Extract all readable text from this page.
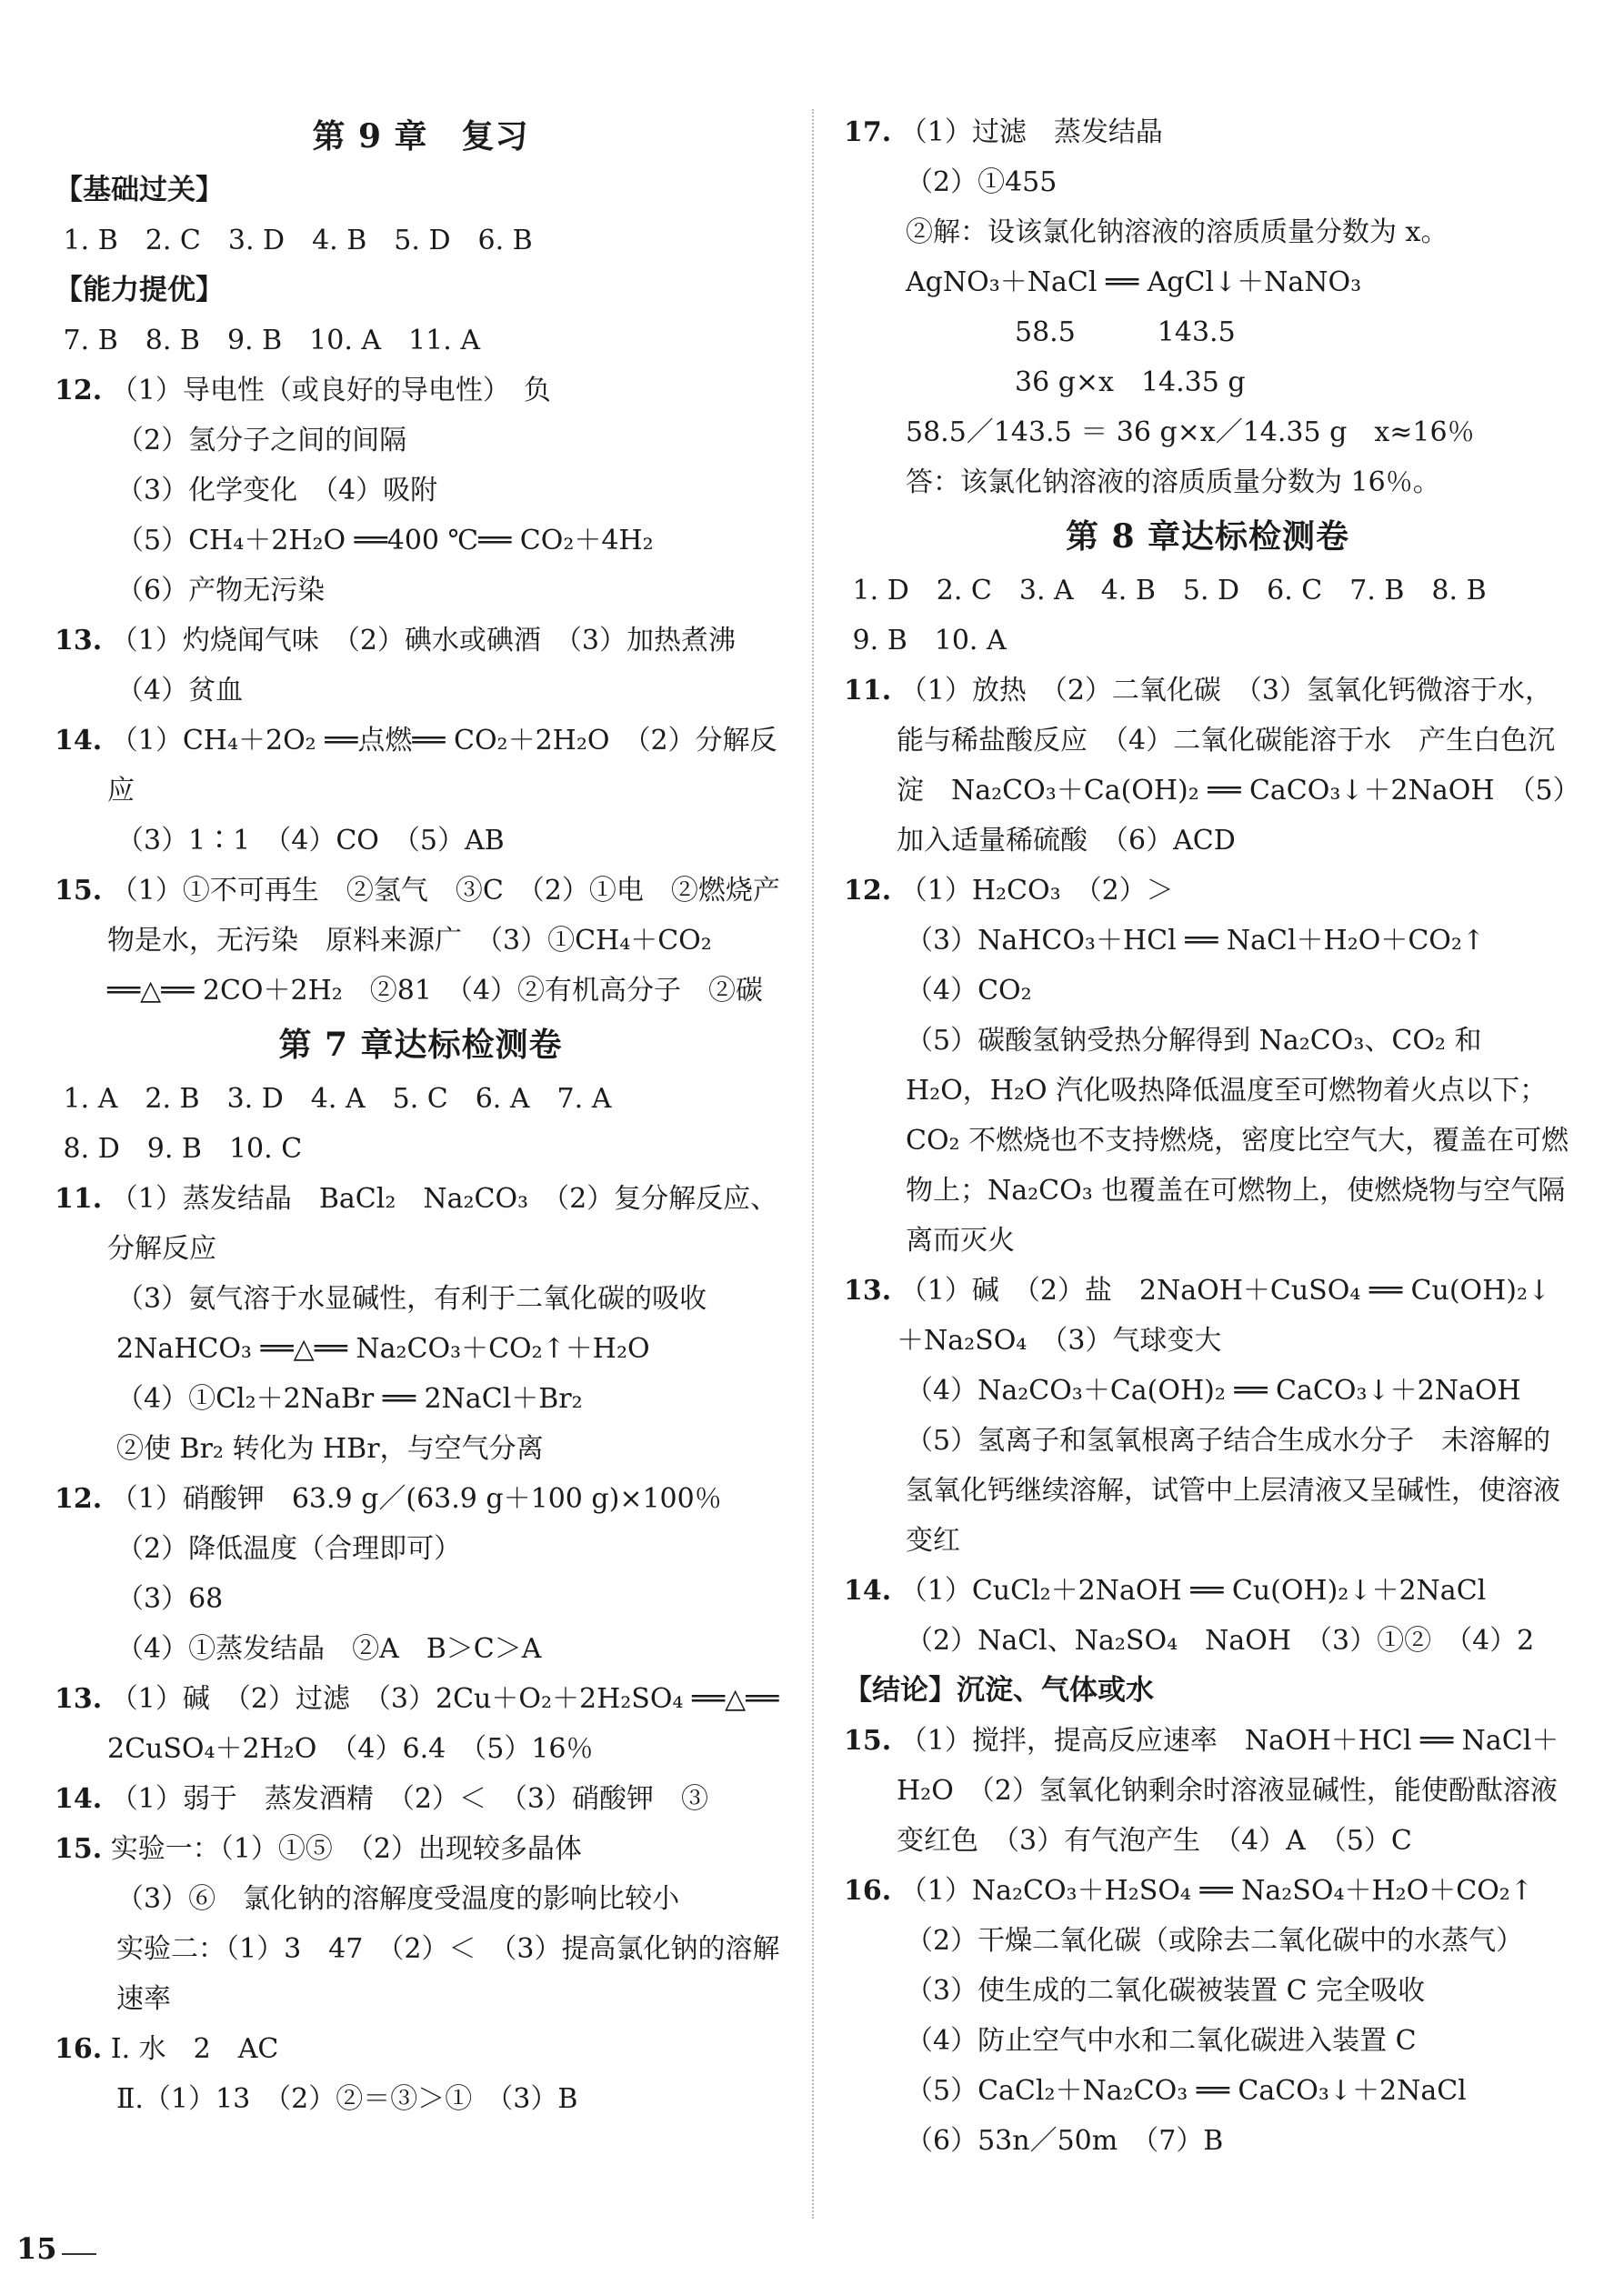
第 9 章　复习
【基础过关】
1. B　2. C　3. D　4. B　5. D　6. B
【能力提优】
7. B　8. B　9. B　10. A　11. A
12. （1）导电性（或良好的导电性）　负
（2）氢分子之间的间隔
（3）化学变化　（4）吸附
（5）CH₄＋2H₂O ══400 ℃══ CO₂＋4H₂
（6）产物无污染
13. （1）灼烧闻气味　（2）碘水或碘酒　（3）加热煮沸
（4）贫血
14. （1）CH₄＋2O₂ ══点燃══ CO₂＋2H₂O　（2）分解反应
（3）1∶1　（4）CO　（5）AB
15. （1）①不可再生　②氢气　③C　（2）①电　②燃烧产物是水，无污染　原料来源广　（3）①CH₄＋CO₂ ══△══ 2CO＋2H₂　②81　（4）②有机高分子　②碳
第 7 章达标检测卷
1. A　2. B　3. D　4. A　5. C　6. A　7. A
8. D　9. B　10. C
11. （1）蒸发结晶　BaCl₂　Na₂CO₃　（2）复分解反应、分解反应
（3）氨气溶于水显碱性，有利于二氧化碳的吸收
2NaHCO₃ ══△══ Na₂CO₃＋CO₂↑＋H₂O
（4）①Cl₂＋2NaBr ══ 2NaCl＋Br₂
②使 Br₂ 转化为 HBr，与空气分离
12. （1）硝酸钾　63.9 g／(63.9 g＋100 g)×100％
（2）降低温度（合理即可）
（3）68
（4）①蒸发结晶　②A　B＞C＞A
13. （1）碱　（2）过滤　（3）2Cu＋O₂＋2H₂SO₄ ══△══ 2CuSO₄＋2H₂O　（4）6.4　（5）16％
14. （1）弱于　蒸发酒精　（2）＜　（3）硝酸钾　③
15. 实验一：（1）①⑤　（2）出现较多晶体
（3）⑥　氯化钠的溶解度受温度的影响比较小
实验二：（1）3　47　（2）＜　（3）提高氯化钠的溶解速率
16. Ⅰ. 水　2　AC
Ⅱ.（1）13　（2）②＝③＞①　（3）B
17. （1）过滤　蒸发结晶
（2）①455
②解：设该氯化钠溶液的溶质质量分数为 x。
AgNO₃＋NaCl ══ AgCl↓＋NaNO₃
　　　　58.5　　　143.5
　　　　36 g×x　14.35 g
58.5／143.5 ＝ 36 g×x／14.35 g　x≈16％
答：该氯化钠溶液的溶质质量分数为 16％。
第 8 章达标检测卷
1. D　2. C　3. A　4. B　5. D　6. C　7. B　8. B
9. B　10. A
11. （1）放热　（2）二氧化碳　（3）氢氧化钙微溶于水，能与稀盐酸反应　（4）二氧化碳能溶于水　产生白色沉淀　Na₂CO₃＋Ca(OH)₂ ══ CaCO₃↓＋2NaOH　（5）加入适量稀硫酸　（6）ACD
12. （1）H₂CO₃　（2）＞
（3）NaHCO₃＋HCl ══ NaCl＋H₂O＋CO₂↑
（4）CO₂
（5）碳酸氢钠受热分解得到 Na₂CO₃、CO₂ 和 H₂O，H₂O 汽化吸热降低温度至可燃物着火点以下；CO₂ 不燃烧也不支持燃烧，密度比空气大，覆盖在可燃物上；Na₂CO₃ 也覆盖在可燃物上，使燃烧物与空气隔离而灭火
13. （1）碱　（2）盐　2NaOH＋CuSO₄ ══ Cu(OH)₂↓＋Na₂SO₄　（3）气球变大
（4）Na₂CO₃＋Ca(OH)₂ ══ CaCO₃↓＋2NaOH
（5）氢离子和氢氧根离子结合生成水分子　未溶解的氢氧化钙继续溶解，试管中上层清液又呈碱性，使溶液变红
14. （1）CuCl₂＋2NaOH ══ Cu(OH)₂↓＋2NaCl
（2）NaCl、Na₂SO₄　NaOH　（3）①②　（4）2
【结论】沉淀、气体或水
15. （1）搅拌，提高反应速率　NaOH＋HCl ══ NaCl＋H₂O　（2）氢氧化钠剩余时溶液显碱性，能使酚酞溶液变红色　（3）有气泡产生　（4）A　（5）C
16. （1）Na₂CO₃＋H₂SO₄ ══ Na₂SO₄＋H₂O＋CO₂↑
（2）干燥二氧化碳（或除去二氧化碳中的水蒸气）
（3）使生成的二氧化碳被装置 C 完全吸收
（4）防止空气中水和二氧化碳进入装置 C
（5）CaCl₂＋Na₂CO₃ ══ CaCO₃↓＋2NaCl
（6）53n／50m　（7）B
15
